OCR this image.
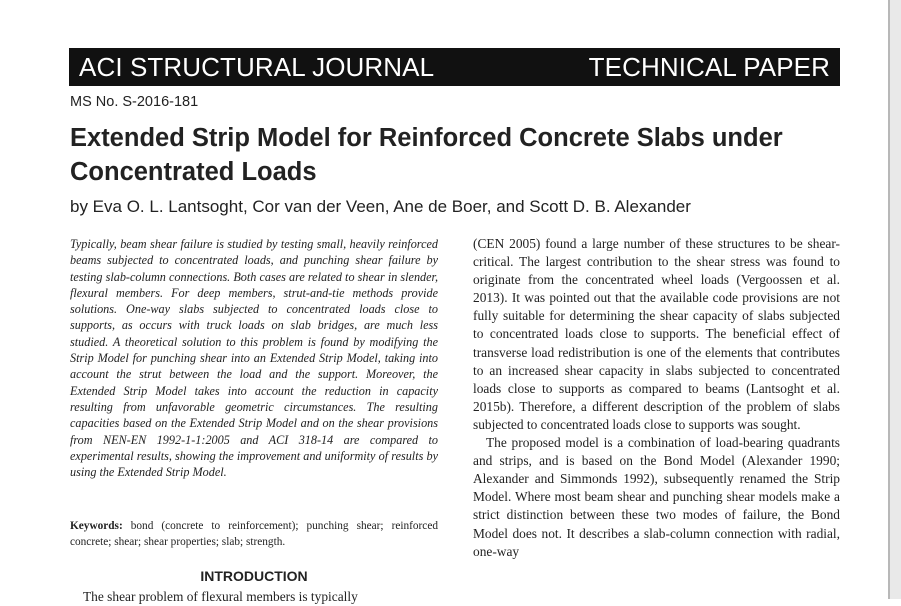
ACI STRUCTURAL JOURNAL	TECHNICAL PAPER
MS No. S-2016-181
Extended Strip Model for Reinforced Concrete Slabs under Concentrated Loads
by Eva O. L. Lantsoght, Cor van der Veen, Ane de Boer, and Scott D. B. Alexander

Typically, beam shear failure is studied by testing small, heavily reinforced beams subjected to concentrated loads, and punching shear failure by testing slab-column connections. Both cases are related to shear in slender, flexural members. For deep members, strut-and-tie methods provide solutions. One-way slabs subjected to concentrated loads close to supports, as occurs with truck loads on slab bridges, are much less studied. A theoretical solution to this problem is found by modifying the Strip Model for punching shear into an Extended Strip Model, taking into account the strut between the load and the support. Moreover, the Extended Strip Model takes into account the reduction in capacity resulting from unfavorable geometric circumstances. The resulting capacities based on the Extended Strip Model and on the shear provisions from NEN-EN 1992-1-1:2005 and ACI 318-14 are compared to experimental results, showing the improvement and uniformity of results by using the Extended Strip Model.

Keywords: bond (concrete to reinforcement); punching shear; reinforced concrete; shear; shear properties; slab; strength.

INTRODUCTION

The shear problem of flexural members is typically

(CEN 2005) found a large number of these structures to be shear-critical. The largest contribution to the shear stress was found to originate from the concentrated wheel loads (Vergoossen et al. 2013). It was pointed out that the available code provisions are not fully suitable for determining the shear capacity of slabs subjected to concentrated loads close to supports. The beneficial effect of transverse load redistribution is one of the elements that contributes to an increased shear capacity in slabs subjected to concentrated loads close to supports as compared to beams (Lantsoght et al. 2015b). Therefore, a different description of the problem of slabs subjected to concentrated loads close to supports was sought.

The proposed model is a combination of load-bearing quadrants and strips, and is based on the Bond Model (Alexander 1990; Alexander and Simmonds 1992), subsequently renamed the Strip Model. Where most beam shear and punching shear models make a strict distinction between these two modes of failure, the Bond Model does not. It describes a slab-column connection with radial, one-way
